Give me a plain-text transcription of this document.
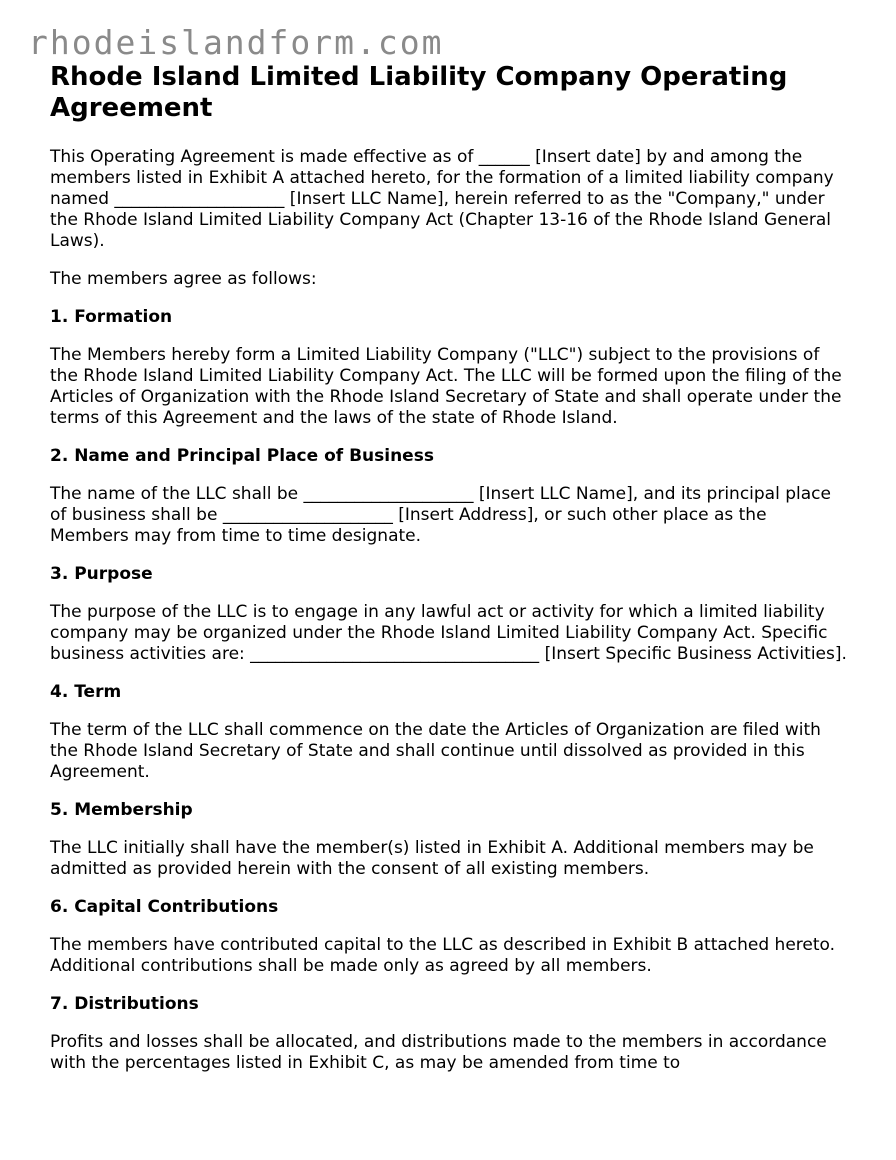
rhodeislandform.com
Rhode Island Limited Liability Company Operating Agreement

This Operating Agreement is made effective as of ______ [Insert date] by and among the members listed in Exhibit A attached hereto, for the formation of a limited liability company named ____________________ [Insert LLC Name], herein referred to as the "Company," under the Rhode Island Limited Liability Company Act (Chapter 13-16 of the Rhode Island General Laws).

The members agree as follows:

1. Formation

The Members hereby form a Limited Liability Company ("LLC") subject to the provisions of the Rhode Island Limited Liability Company Act. The LLC will be formed upon the filing of the Articles of Organization with the Rhode Island Secretary of State and shall operate under the terms of this Agreement and the laws of the state of Rhode Island.

2. Name and Principal Place of Business

The name of the LLC shall be ____________________ [Insert LLC Name], and its principal place of business shall be ____________________ [Insert Address], or such other place as the Members may from time to time designate.

3. Purpose

The purpose of the LLC is to engage in any lawful act or activity for which a limited liability company may be organized under the Rhode Island Limited Liability Company Act. Specific business activities are: __________________________________ [Insert Specific Business Activities].

4. Term

The term of the LLC shall commence on the date the Articles of Organization are filed with the Rhode Island Secretary of State and shall continue until dissolved as provided in this Agreement.

5. Membership

The LLC initially shall have the member(s) listed in Exhibit A. Additional members may be admitted as provided herein with the consent of all existing members.

6. Capital Contributions

The members have contributed capital to the LLC as described in Exhibit B attached hereto. Additional contributions shall be made only as agreed by all members.

7. Distributions

Profits and losses shall be allocated, and distributions made to the members in accordance with the percentages listed in Exhibit C, as may be amended from time to
